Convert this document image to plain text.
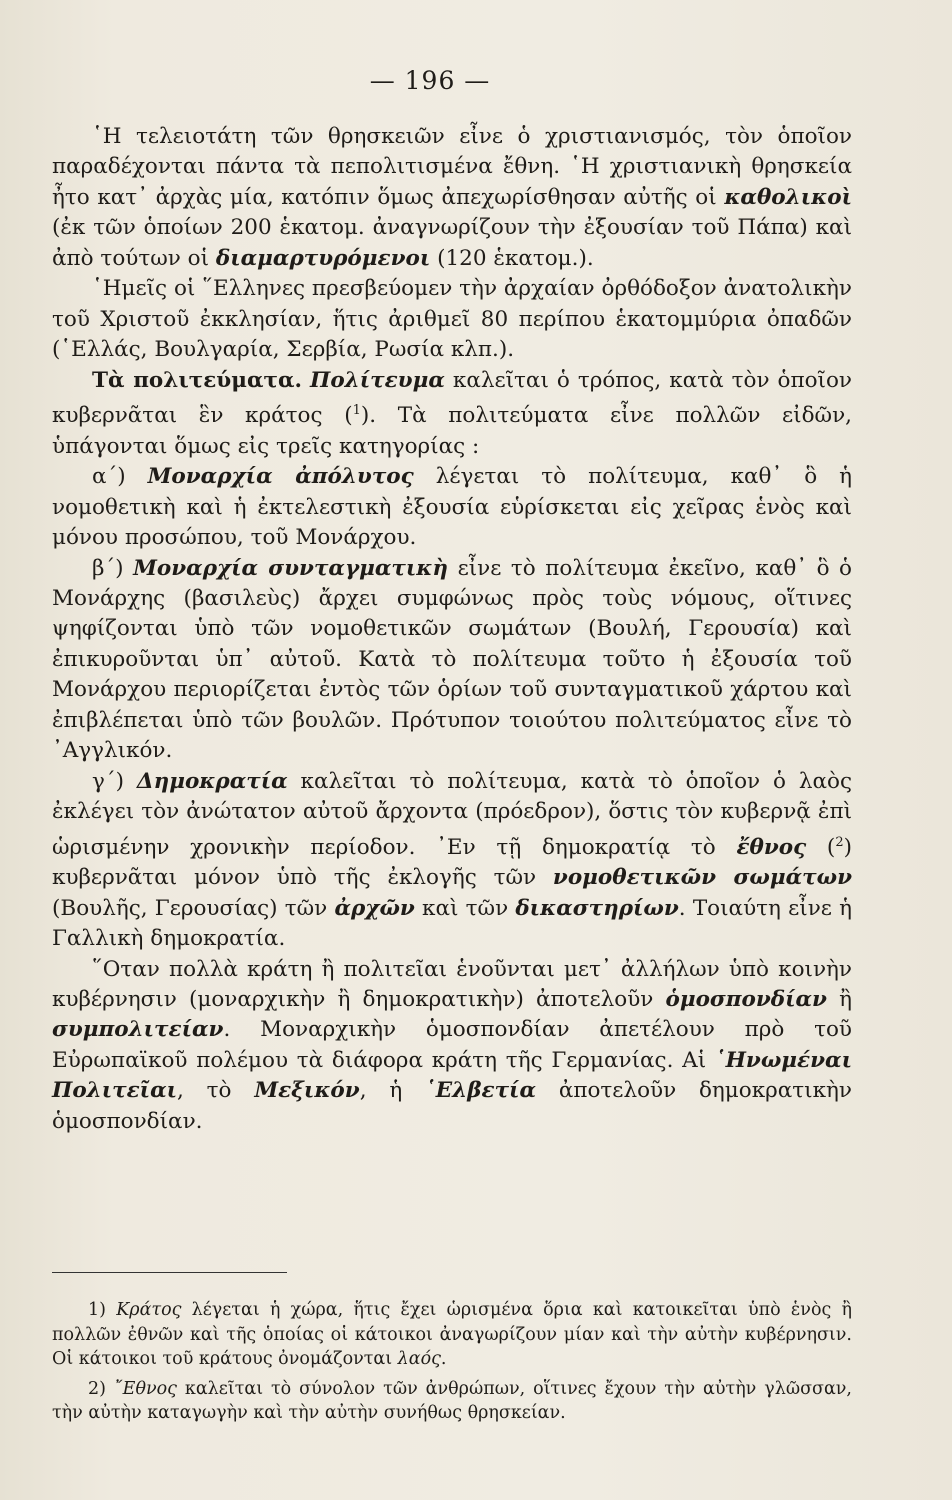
— 196 —

῾Η τελειοτάτη τῶν θρησκειῶν εἶνε ὁ χριστιανισμός, τὸν ὁποῖον παραδέχονται πάντα τὰ πεπολιτισμένα ἔθνη. ῾Η χριστιανικὴ θρησκεία ἦτο κατ᾽ ἀρχὰς μία, κατόπιν ὅμως ἀπεχωρίσθησαν αὐτῆς οἱ καθολικοὶ (ἐκ τῶν ὁποίων 200 ἑκατομ. ἀναγνωρίζουν τὴν ἐξουσίαν τοῦ Πάπα) καὶ ἀπὸ τούτων οἱ διαμαρτυρόμενοι (120 ἑκατομ.).

῾Ημεῖς οἱ ῞Ελληνες πρεσβεύομεν τὴν ἀρχαίαν ὀρθόδοξον ἀνατολικὴν τοῦ Χριστοῦ ἐκκλησίαν, ἥτις ἀριθμεῖ 80 περίπου ἑκατομμύρια ὀπαδῶν (῾Ελλάς, Βουλγαρία, Σερβία, Ρωσία κλπ.).

Τὰ πολιτεύματα. Πολίτευμα καλεῖται ὁ τρόπος, κατὰ τὸν ὁποῖον κυβερνᾶται ἓν κράτος ($^1$). Τὰ πολιτεύματα εἶνε πολλῶν εἰδῶν, ὑπάγονται ὅμως εἰς τρεῖς κατηγορίας :

α΄) Μοναρχία ἀπόλυτος λέγεται τὸ πολίτευμα, καθ᾽ ὃ ἡ νομοθετικὴ καὶ ἡ ἐκτελεστικὴ ἐξουσία εὑρίσκεται εἰς χεῖρας ἑνὸς καὶ μόνου προσώπου, τοῦ Μονάρχου.

β΄) Μοναρχία συνταγματικὴ εἶνε τὸ πολίτευμα ἐκεῖνο, καθ᾽ ὃ ὁ Μονάρχης (βασιλεὺς) ἄρχει συμφώνως πρὸς τοὺς νόμους, οἵτινες ψηφίζονται ὑπὸ τῶν νομοθετικῶν σωμάτων (Βουλή, Γερουσία) καὶ ἐπικυροῦνται ὑπ᾽ αὐτοῦ. Κατὰ τὸ πολίτευμα τοῦτο ἡ ἐξουσία τοῦ Μονάρχου περιορίζεται ἐντὸς τῶν ὁρίων τοῦ συνταγματικοῦ χάρτου καὶ ἐπιβλέπεται ὑπὸ τῶν βουλῶν. Πρότυπον τοιούτου πολιτεύματος εἶνε τὸ ᾽Αγγλικόν.

γ΄) Δημοκρατία καλεῖται τὸ πολίτευμα, κατὰ τὸ ὁποῖον ὁ λαὸς ἐκλέγει τὸν ἀνώτατον αὐτοῦ ἄρχοντα (πρόεδρον), ὅστις τὸν κυβερνᾷ ἐπὶ ὡρισμένην χρονικὴν περίοδον. ᾽Εν τῇ δημοκρατίᾳ τὸ ἔθνος ($^2$) κυβερνᾶται μόνον ὑπὸ τῆς ἐκλογῆς τῶν νομοθετικῶν σωμάτων (Βουλῆς, Γερουσίας) τῶν ἀρχῶν καὶ τῶν δικαστηρίων. Τοιαύτη εἶνε ἡ Γαλλικὴ δημοκρατία.

῞Οταν πολλὰ κράτη ἢ πολιτεῖαι ἑνοῦνται μετ᾽ ἀλλήλων ὑπὸ κοινὴν κυβέρνησιν (μοναρχικὴν ἢ δημοκρατικὴν) ἀποτελοῦν ὁμοσπονδίαν ἢ συμπολιτείαν. Μοναρχικὴν ὁμοσπονδίαν ἀπετέλουν πρὸ τοῦ Εὐρωπαϊκοῦ πολέμου τὰ διάφορα κράτη τῆς Γερμανίας. Αἱ ῾Ηνωμέναι Πολιτεῖαι, τὸ Μεξικόν, ἡ ῾Ελβετία ἀποτελοῦν δημοκρατικὴν ὁμοσπονδίαν.

1) Κράτος λέγεται ἡ χώρα, ἥτις ἔχει ὡρισμένα ὅρια καὶ κατοικεῖται ὑπὸ ἑνὸς ἢ πολλῶν ἐθνῶν καὶ τῆς ὁποίας οἱ κάτοικοι ἀναγωρίζουν μίαν καὶ τὴν αὐτὴν κυβέρνησιν. Οἱ κάτοικοι τοῦ κράτους ὀνομάζονται λαός.

2) ῎Εθνος καλεῖται τὸ σύνολον τῶν ἀνθρώπων, οἵτινες ἔχουν τὴν αὐτὴν γλῶσσαν, τὴν αὐτὴν καταγωγὴν καὶ τὴν αὐτὴν συνήθως θρησκείαν.
